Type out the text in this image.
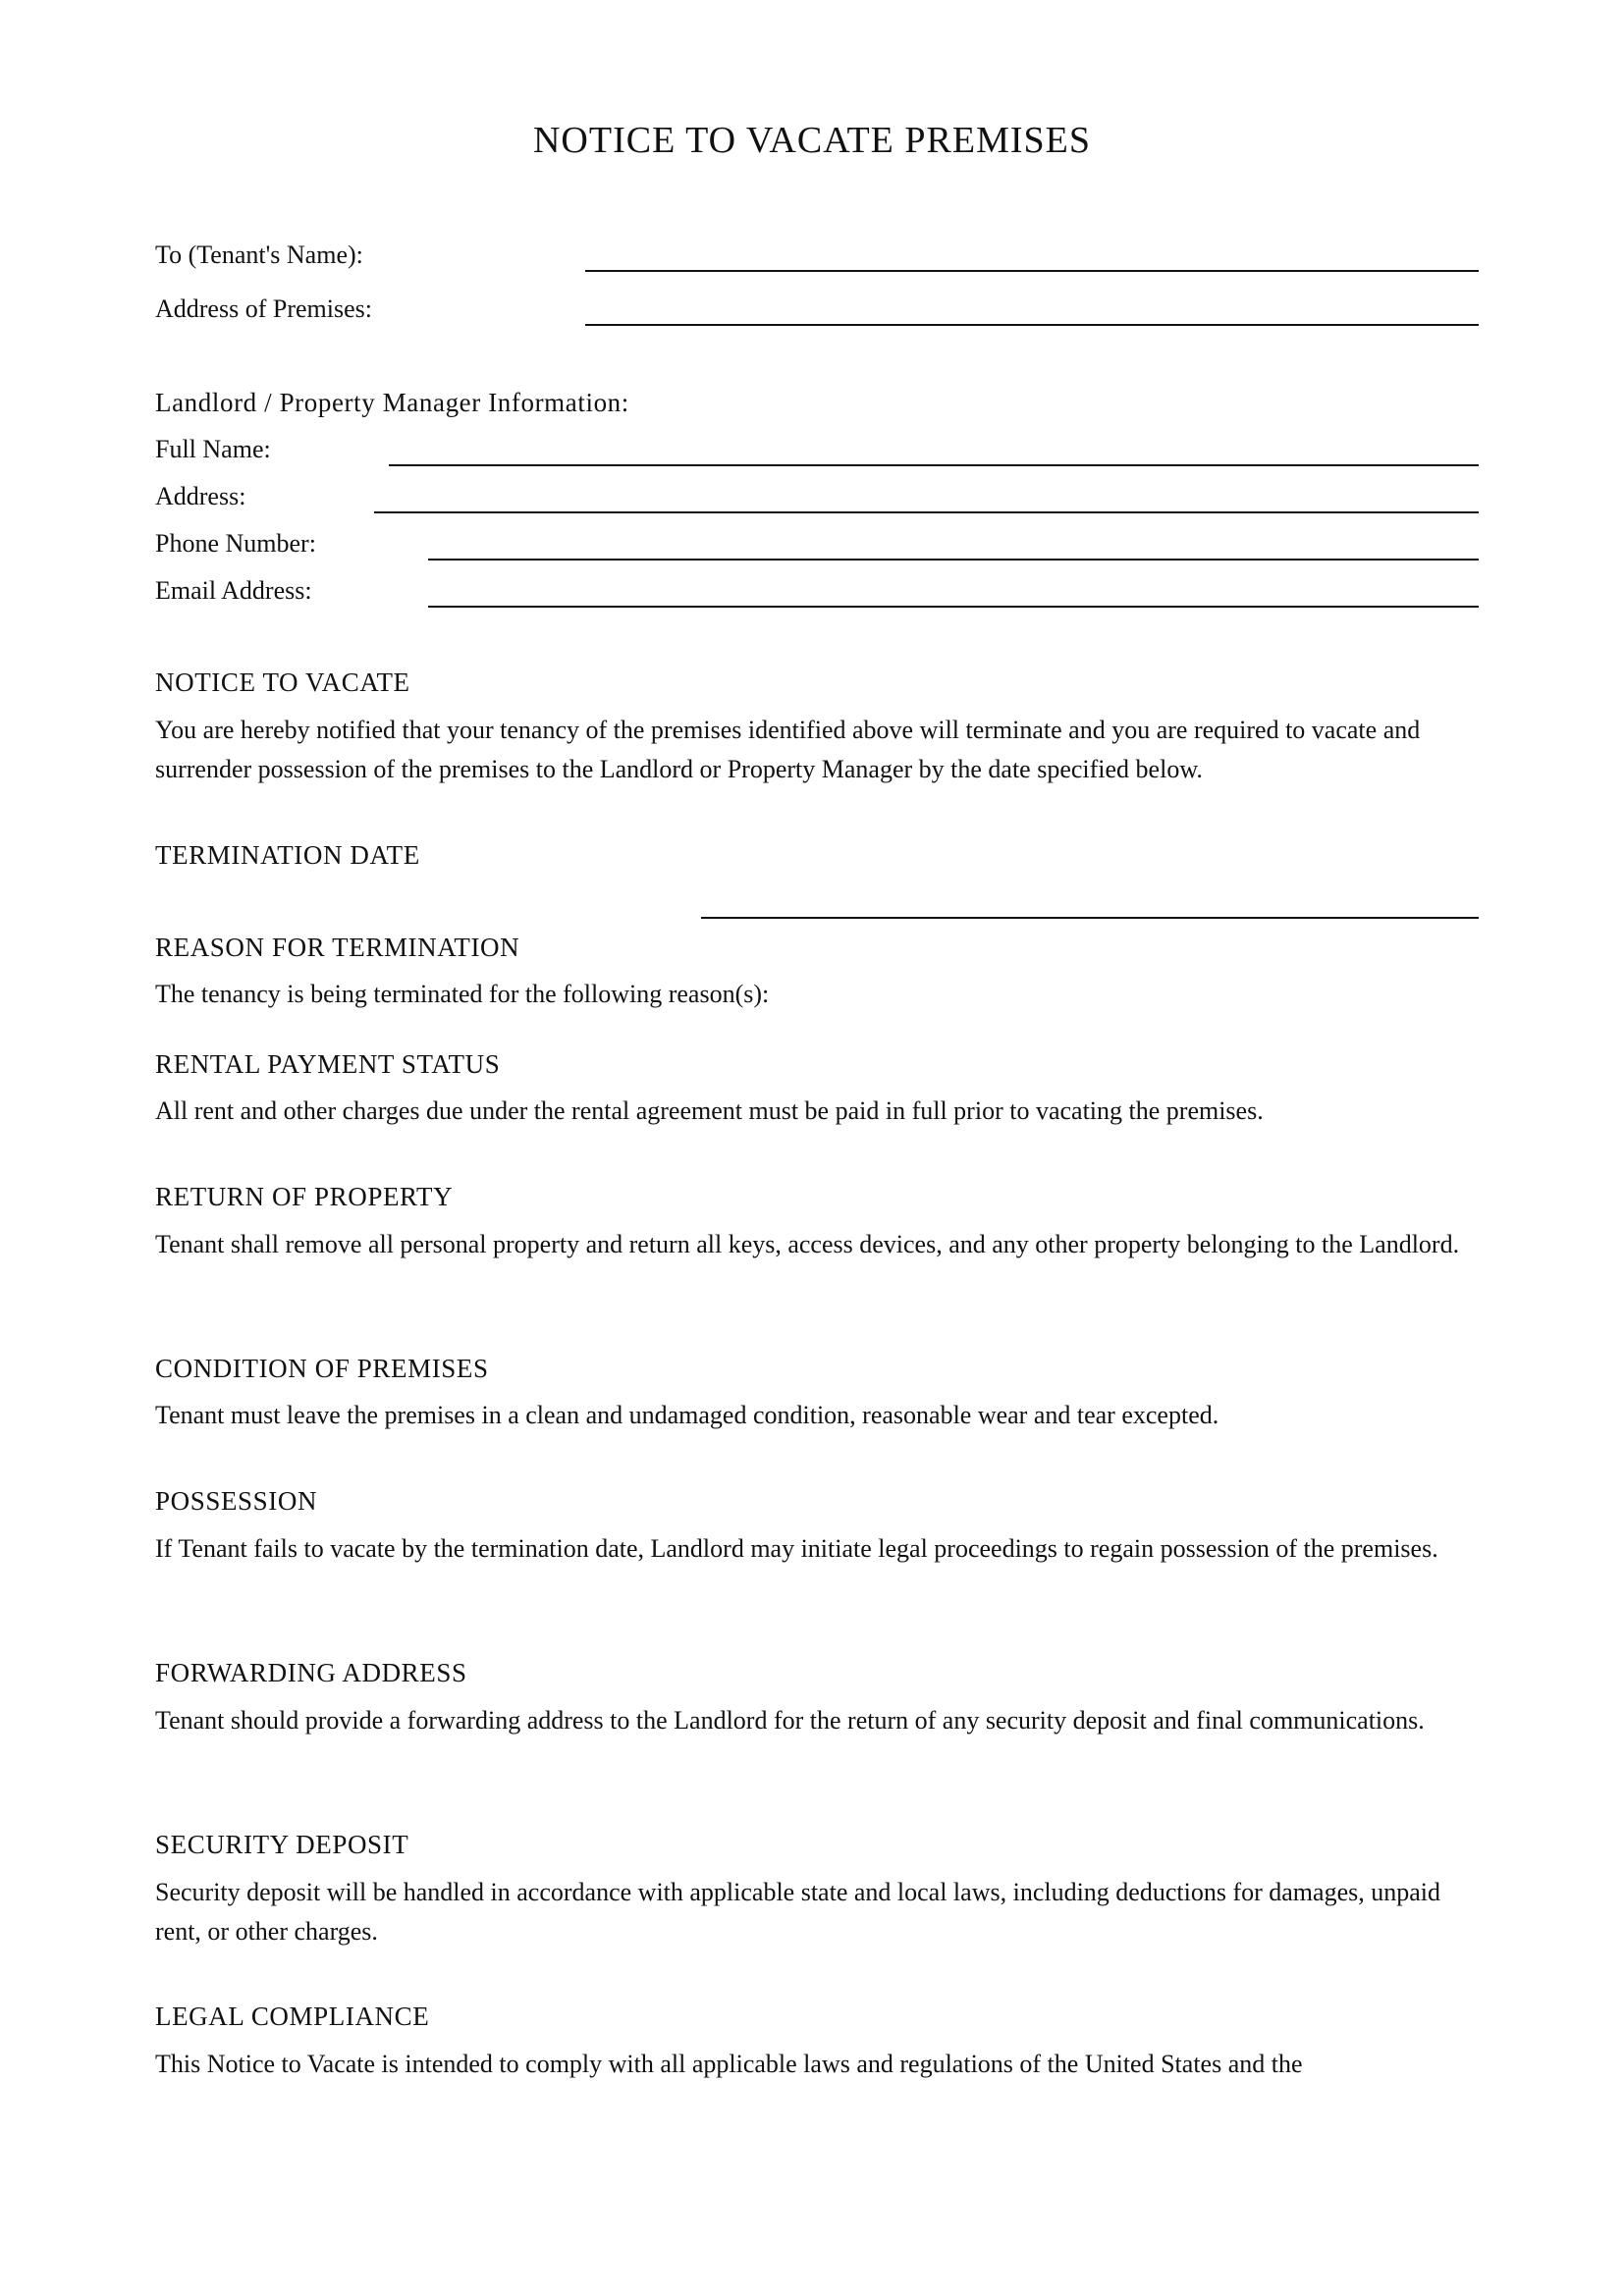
NOTICE TO VACATE PREMISES
To (Tenant's Name):
Address of Premises:
Landlord / Property Manager Information:
Full Name:
Address:
Phone Number:
Email Address:
NOTICE TO VACATE
You are hereby notified that your tenancy of the premises identified above will terminate and you are required to vacate and surrender possession of the premises to the Landlord or Property Manager by the date specified below.
TERMINATION DATE
REASON FOR TERMINATION
The tenancy is being terminated for the following reason(s):
RENTAL PAYMENT STATUS
All rent and other charges due under the rental agreement must be paid in full prior to vacating the premises.
RETURN OF PROPERTY
Tenant shall remove all personal property and return all keys, access devices, and any other property belonging to the Landlord.
CONDITION OF PREMISES
Tenant must leave the premises in a clean and undamaged condition, reasonable wear and tear excepted.
POSSESSION
If Tenant fails to vacate by the termination date, Landlord may initiate legal proceedings to regain possession of the premises.
FORWARDING ADDRESS
Tenant should provide a forwarding address to the Landlord for the return of any security deposit and final communications.
SECURITY DEPOSIT
Security deposit will be handled in accordance with applicable state and local laws, including deductions for damages, unpaid rent, or other charges.
LEGAL COMPLIANCE
This Notice to Vacate is intended to comply with all applicable laws and regulations of the United States and the
